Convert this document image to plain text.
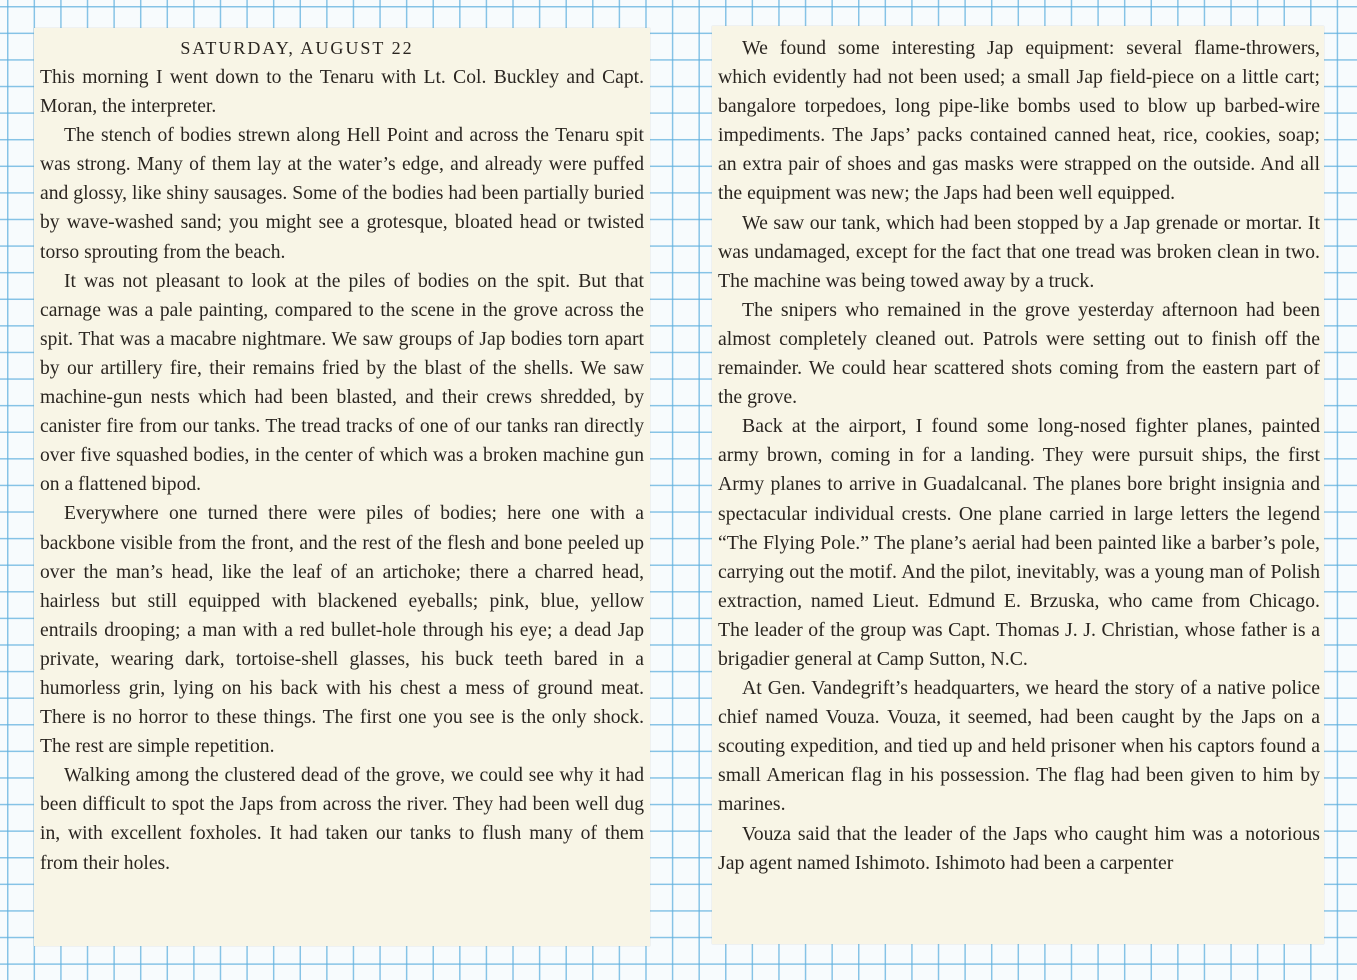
SATURDAY, AUGUST 22

This morning I went down to the Tenaru with Lt. Col. Buckley and Capt. Moran, the interpreter.

The stench of bodies strewn along Hell Point and across the Tenaru spit was strong. Many of them lay at the water’s edge, and already were puffed and glossy, like shiny sausages. Some of the bodies had been partially buried by wave-washed sand; you might see a grotesque, bloated head or twisted torso sprouting from the beach.

It was not pleasant to look at the piles of bodies on the spit. But that carnage was a pale painting, compared to the scene in the grove across the spit. That was a macabre nightmare. We saw groups of Jap bodies torn apart by our artillery fire, their remains fried by the blast of the shells. We saw machine-gun nests which had been blasted, and their crews shredded, by canister fire from our tanks. The tread tracks of one of our tanks ran directly over five squashed bodies, in the center of which was a broken machine gun on a flattened bipod.

Everywhere one turned there were piles of bodies; here one with a backbone visible from the front, and the rest of the flesh and bone peeled up over the man’s head, like the leaf of an artichoke; there a charred head, hairless but still equipped with blackened eyeballs; pink, blue, yellow entrails drooping; a man with a red bullet-hole through his eye; a dead Jap private, wearing dark, tortoise-shell glasses, his buck teeth bared in a humorless grin, lying on his back with his chest a mess of ground meat. There is no horror to these things. The first one you see is the only shock. The rest are simple repetition.

Walking among the clustered dead of the grove, we could see why it had been difficult to spot the Japs from across the river. They had been well dug in, with excellent foxholes. It had taken our tanks to flush many of them from their holes.

We found some interesting Jap equipment: several flame-throwers, which evidently had not been used; a small Jap field-piece on a little cart; bangalore torpedoes, long pipe-like bombs used to blow up barbed-wire impediments. The Japs’ packs contained canned heat, rice, cookies, soap; an extra pair of shoes and gas masks were strapped on the outside. And all the equipment was new; the Japs had been well equipped.

We saw our tank, which had been stopped by a Jap grenade or mortar. It was undamaged, except for the fact that one tread was broken clean in two. The machine was being towed away by a truck.

The snipers who remained in the grove yesterday afternoon had been almost completely cleaned out. Patrols were setting out to finish off the remainder. We could hear scattered shots coming from the eastern part of the grove.

Back at the airport, I found some long-nosed fighter planes, painted army brown, coming in for a landing. They were pursuit ships, the first Army planes to arrive in Guadalcanal. The planes bore bright insignia and spectacular individual crests. One plane carried in large letters the legend “The Flying Pole.” The plane’s aerial had been painted like a barber’s pole, carrying out the motif. And the pilot, inevitably, was a young man of Polish extraction, named Lieut. Edmund E. Brzuska, who came from Chicago. The leader of the group was Capt. Thomas J. J. Christian, whose father is a brigadier general at Camp Sutton, N.C.

At Gen. Vandegrift’s headquarters, we heard the story of a native police chief named Vouza. Vouza, it seemed, had been caught by the Japs on a scouting expedition, and tied up and held prisoner when his captors found a small American flag in his possession. The flag had been given to him by marines.

Vouza said that the leader of the Japs who caught him was a notorious Jap agent named Ishimoto. Ishimoto had been a carpenter
